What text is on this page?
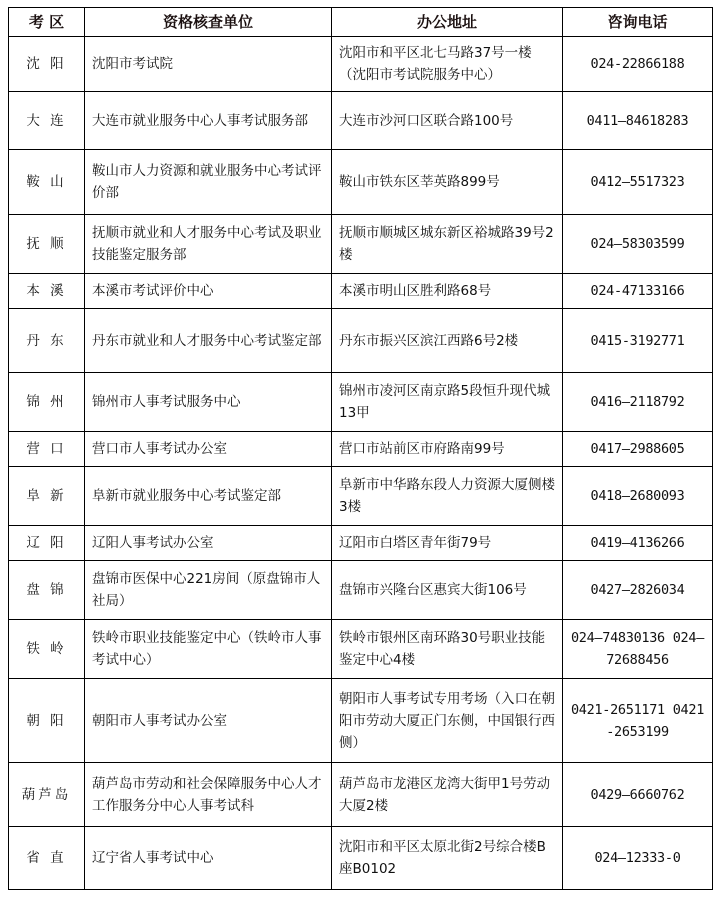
考 区	资格核查单位	办公地址	咨询电话
沈 阳	沈阳市考试院	沈阳市和平区北七马路37号一楼（沈阳市考试院服务中心）	024-22866188
大 连	大连市就业服务中心人事考试服务部	大连市沙河口区联合路100号	0411—84618283
鞍 山	鞍山市人力资源和就业服务中心考试评价部	鞍山市铁东区莘英路899号	0412—5517323
抚 顺	抚顺市就业和人才服务中心考试及职业技能鉴定服务部	抚顺市顺城区城东新区裕城路39号2楼	024—58303599
本 溪	本溪市考试评价中心	本溪市明山区胜利路68号	024-47133166
丹 东	丹东市就业和人才服务中心考试鉴定部	丹东市振兴区滨江西路6号2楼	0415-3192771
锦 州	锦州市人事考试服务中心	锦州市凌河区南京路5段恒升现代城13甲	0416—2118792
营 口	营口市人事考试办公室	营口市站前区市府路南99号	0417—2988605
阜 新	阜新市就业服务中心考试鉴定部	阜新市中华路东段人力资源大厦侧楼3楼	0418—2680093
辽 阳	辽阳人事考试办公室	辽阳市白塔区青年街79号	0419—4136266
盘 锦	盘锦市医保中心221房间（原盘锦市人社局）	盘锦市兴隆台区惠宾大街106号	0427—2826034
铁 岭	铁岭市职业技能鉴定中心（铁岭市人事考试中心）	铁岭市银州区南环路30号职业技能鉴定中心4楼	024—74830136 024—72688456
朝 阳	朝阳市人事考试办公室	朝阳市人事考试专用考场（入口在朝阳市劳动大厦正门东侧，中国银行西侧）	0421-2651171 0421-2653199
葫芦岛	葫芦岛市劳动和社会保障服务中心人才工作服务分中心人事考试科	葫芦岛市龙港区龙湾大街甲1号劳动大厦2楼	0429—6660762
省 直	辽宁省人事考试中心	沈阳市和平区太原北街2号综合楼B座B0102	024—12333-0
